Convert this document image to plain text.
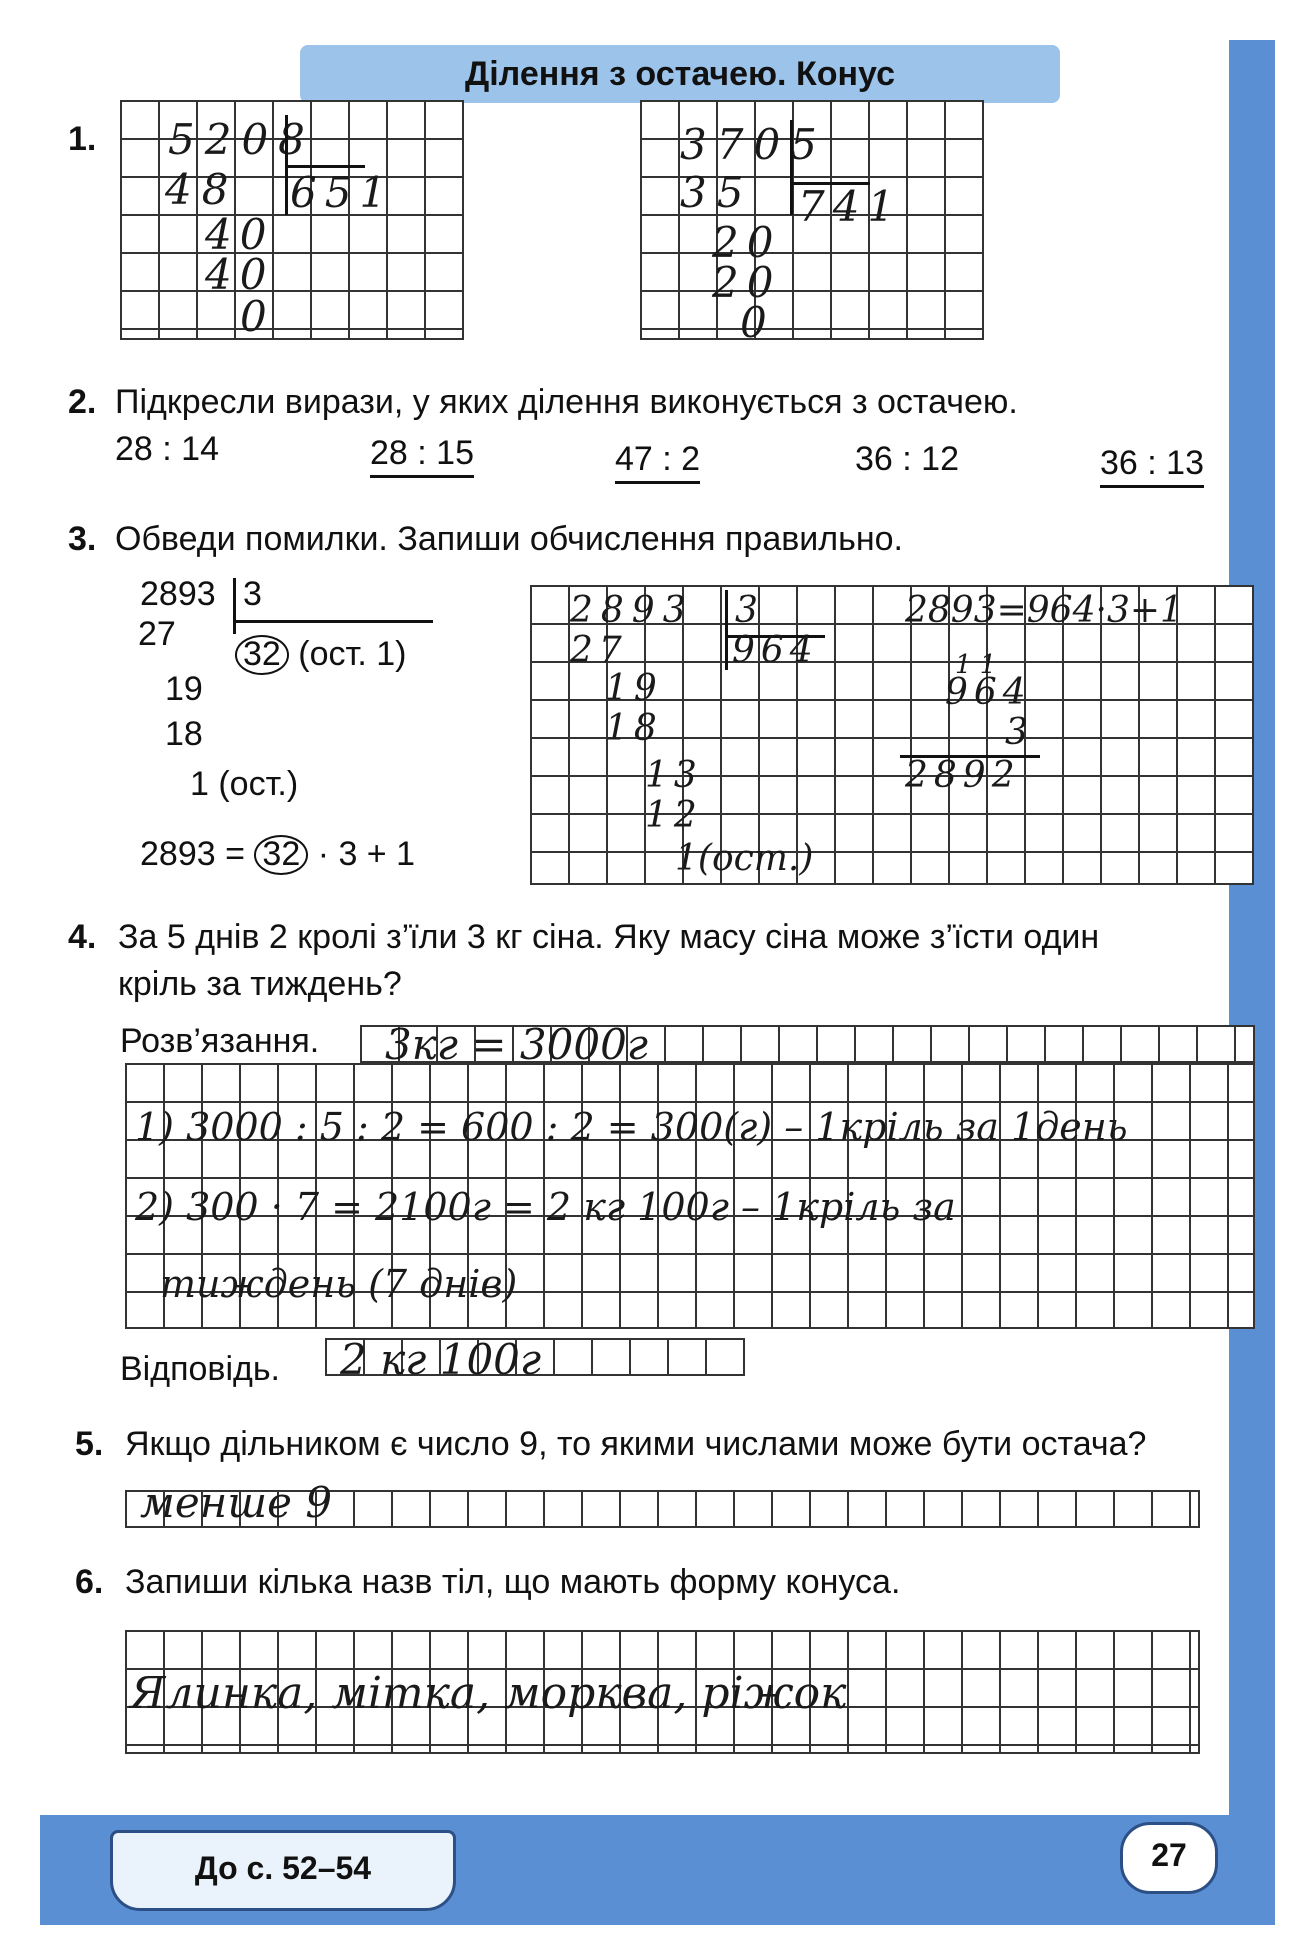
Ділення з остачею. Конус
1. 5208
48 651
40
40
0
3705
35 741
20
20
0
2. Підкресли вирази, у яких ділення виконується з остачею.
28 : 14	28 : 15	47 : 2	36 : 12	36 : 13
3. Обведи помилки. Запиши обчислення правильно.
2893 3
27
32 (ост. 1)
19
18
1 (ост.)
2893 = 32 · 3 + 1
2893 3
964
27
19
18
13
12
1(ост.)
2893=964·3+1
1 1
964
3
2892
4. За 5 днів 2 кролі з’їли 3 кг сіна. Яку масу сіна може з’їсти один
кріль за тиждень?
Розв’язання. 3кг = 3000г
1) 3000 : 5 : 2 = 600 : 2 = 300(г) – 1кріль за 1день
2) 300 · 7 = 2100г = 2 кг 100г – 1кріль за
тиждень (7 днів)
Відповідь. 2 кг 100г
5. Якщо дільником є число 9, то якими числами може бути остача?
менше 9
6. Запиши кілька назв тіл, що мають форму конуса.
Ялинка, мітка, морква, ріжок
До с. 52–54	27
